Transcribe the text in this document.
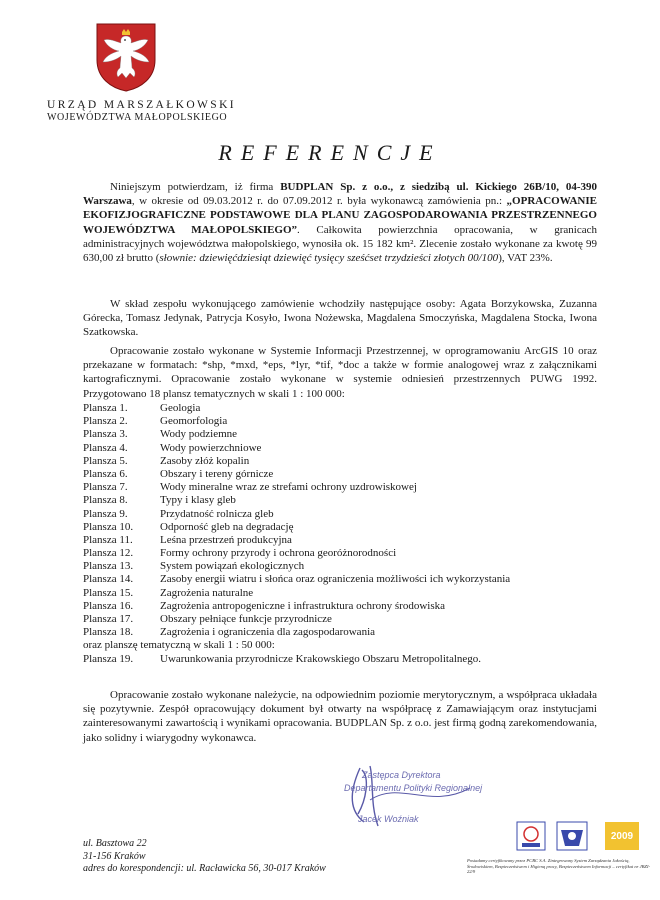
URZĄD MARSZAŁKOWSKI
WOJEWÓDZTWA MAŁOPOLSKIEGO
REFERENCJE
Niniejszym potwierdzam, iż firma BUDPLAN Sp. z o.o., z siedzibą ul. Kickiego 26B/10, 04-390 Warszawa, w okresie od 09.03.2012 r. do 07.09.2012 r. była wykonawcą zamówienia pn.: „OPRACOWANIE EKOFIZJOGRAFICZNE PODSTAWOWE DLA PLANU ZAGOSPODAROWANIA PRZESTRZENNEGO WOJEWÓDZTWA MAŁOPOLSKIEGO”. Całkowita powierzchnia opracowania, w granicach administracyjnych województwa małopolskiego, wynosiła ok. 15 182 km². Zlecenie zostało wykonane za kwotę 99 630,00 zł brutto (słownie: dziewięćdziesiąt dziewięć tysięcy sześćset trzydzieści złotych 00/100), VAT 23%.
W skład zespołu wykonującego zamówienie wchodziły następujące osoby: Agata Borzykowska, Zuzanna Górecka, Tomasz Jedynak, Patrycja Kosyło, Iwona Nożewska, Magdalena Smoczyńska, Magdalena Stocka, Iwona Szatkowska.
Opracowanie zostało wykonane w Systemie Informacji Przestrzennej, w oprogramowaniu ArcGIS 10 oraz przekazane w formatach: *shp, *mxd, *eps, *lyr, *tif, *doc a także w formie analogowej wraz z załącznikami kartograficznymi. Opracowanie zostało wykonane w systemie odniesień przestrzennych PUWG 1992. Przygotowano 18 plansz tematycznych w skali 1 : 100 000:
Plansza 1.	Geologia
Plansza 2.	Geomorfologia
Plansza 3.	Wody podziemne
Plansza 4.	Wody powierzchniowe
Plansza 5.	Zasoby złóż kopalin
Plansza 6.	Obszary i tereny górnicze
Plansza 7.	Wody mineralne wraz ze strefami ochrony uzdrowiskowej
Plansza 8.	Typy i klasy gleb
Plansza 9.	Przydatność rolnicza gleb
Plansza 10. Odporność gleb na degradację
Plansza 11. Leśna przestrzeń produkcyjna
Plansza 12. Formy ochrony przyrody i ochrona georóżnorodności
Plansza 13. System powiązań ekologicznych
Plansza 14. Zasoby energii wiatru i słońca oraz ograniczenia możliwości ich wykorzystania
Plansza 15. Zagrożenia naturalne
Plansza 16. Zagrożenia antropogeniczne i infrastruktura ochrony środowiska
Plansza 17. Obszary pełniące funkcje przyrodnicze
Plansza 18. Zagrożenia i ograniczenia dla zagospodarowania
oraz planszę tematyczną w skali 1 : 50 000:
Plansza 19. Uwarunkowania przyrodnicze Krakowskiego Obszaru Metropolitalnego.
Opracowanie zostało wykonane należycie, na odpowiednim poziomie merytorycznym, a współpraca układała się pozytywnie. Zespół opracowujący dokument był otwarty na współpracę z Zamawiającym oraz instytucjami zainteresowanymi zawartością i wynikami opracowania. BUDPLAN Sp. z o.o. jest firmą godną zarekomendowania, jako solidny i wiarygodny wykonawca.
Zastępca Dyrektora
Departamentu Polityki Regionalnej
Jacek Woźniak
ul. Basztowa 22
31-156 Kraków
adres do korespondencji: ul. Racławicka 56, 30-017 Kraków
2009
Posiadamy certyfikowany przez PCBC S.A. Zintegrowany System Zarządzania Jakością, Środowiskiem, Bezpieczeństwem i Higieną pracy, Bezpieczeństwem Informacji – certyfikat nr JBZI-22/9
